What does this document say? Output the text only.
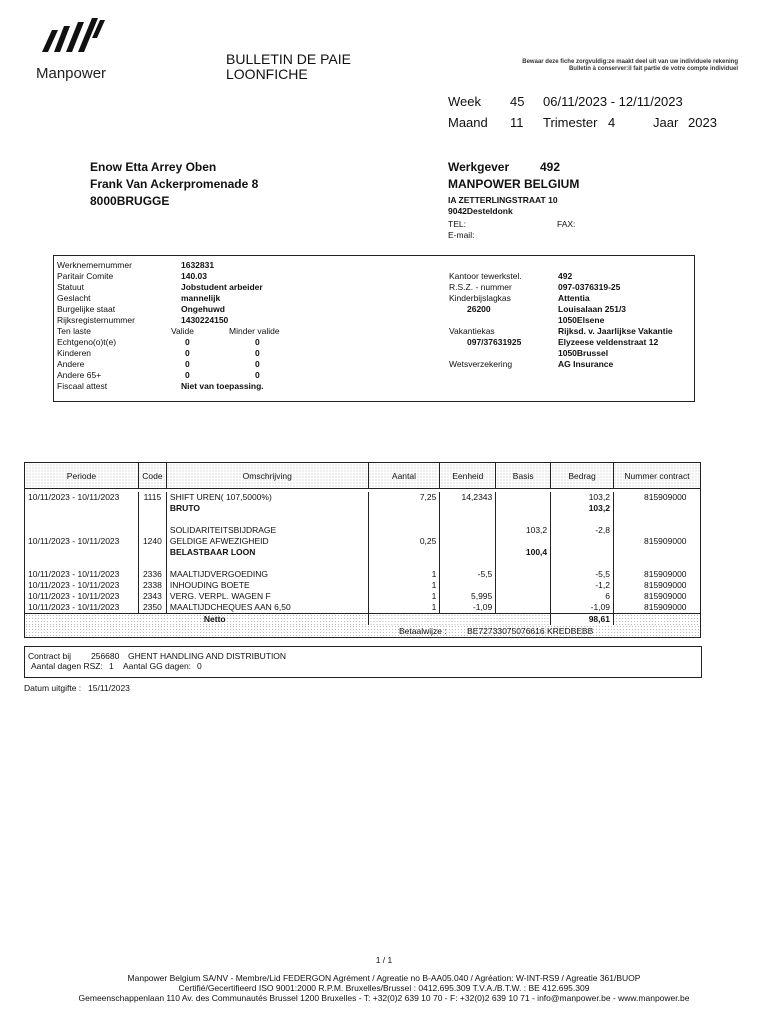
Manpower
BULLETIN DE PAIE
LOONFICHE
Bewaar deze fiche zorgvuldig:ze maakt deel uit van uw individuele rekening
Bulletin à conserver:il fait partie de votre compte individuel
Week 45 06/11/2023 - 12/11/2023
Maand 11 Trimester 4	Jaar 2023
Enow Etta Arrey Oben
Frank Van Ackerpromenade 8
8000BRUGGE
Werkgever	492
MANPOWER BELGIUM
IA ZETTERLINGSTRAAT 10
9042Desteldonk
TEL:	FAX:
E-mail:
Werknemernummer	1632831
Paritair Comite	140.03
Statuut	Jobstudent arbeider
Geslacht	mannelijk
Burgelijke staat	Ongehuwd
Rijksregisternummer	1430224150
Ten laste	Valide	Minder valide
Echtgeno(o)t(e)	0	0
Kinderen	0	0
Andere	0	0
Andere 65+	0	0
Fiscaal attest	Niet van toepassing.
Kantoor tewerkstel.	492
R.S.Z. - nummer	097-0376319-25
Kinderbijslagkas	Attentia
26200	Louisalaan 251/3
1050Elsene
Vakantiekas	Rijksd. v. Jaarlijkse Vakantie
097/37631925	Elyzeese veldenstraat 12
1050Brussel
Wetsverzekering	AG Insurance
Periode	Code	Omschrijving	Aantal	Eenheid	Basis	Bedrag	Nummer contract

10/11/2023 - 10/11/2023	1115	SHIFT UREN( 107,5000%)	7,25	14,2343		103,2	815909000
		BRUTO				103,2	

		SOLIDARITEITSBIJDRAGE			103,2	-2,8	
10/11/2023 - 10/11/2023	1240	GELDIGE AFWEZIGHEID	0,25				815909000
		BELASTBAAR LOON			100,4		

10/11/2023 - 10/11/2023	2336	MAALTIJDVERGOEDING	1	-5,5		-5,5	815909000
10/11/2023 - 10/11/2023	2338	INHOUDING BOETE	1			-1,2	815909000
10/11/2023 - 10/11/2023	2343	VERG. VERPL. WAGEN F	1	5,995		6	815909000
10/11/2023 - 10/11/2023	2350	MAALTIJDCHEQUES AAN 6,50	1	-1,09		-1,09	815909000
Netto						98,61	
Betaalwijze : BE72733075076616 KREDBEBB							
Contract bij 256680 GHENT HANDLING AND DISTRIBUTION
Aantal dagen RSZ: 1 Aantal GG dagen: 0
Datum uitgifte : 15/11/2023
1 / 1
Manpower Belgium SA/NV - Membre/Lid FEDERGON Agrément / Agreatie no B-AA05.040 / Agréation: W-INT-RS9 / Agreatie 361/BUOP
Certifié/Gecertifieerd ISO 9001:2000 R.P.M. Bruxelles/Brussel : 0412.695.309 T.V.A./B.T.W. : BE 412.695.309
Gemeenschappenlaan 110 Av. des Communautés Brussel 1200 Bruxelles - T: +32(0)2 639 10 70 - F: +32(0)2 639 10 71 - info@manpower.be - www.manpower.be
